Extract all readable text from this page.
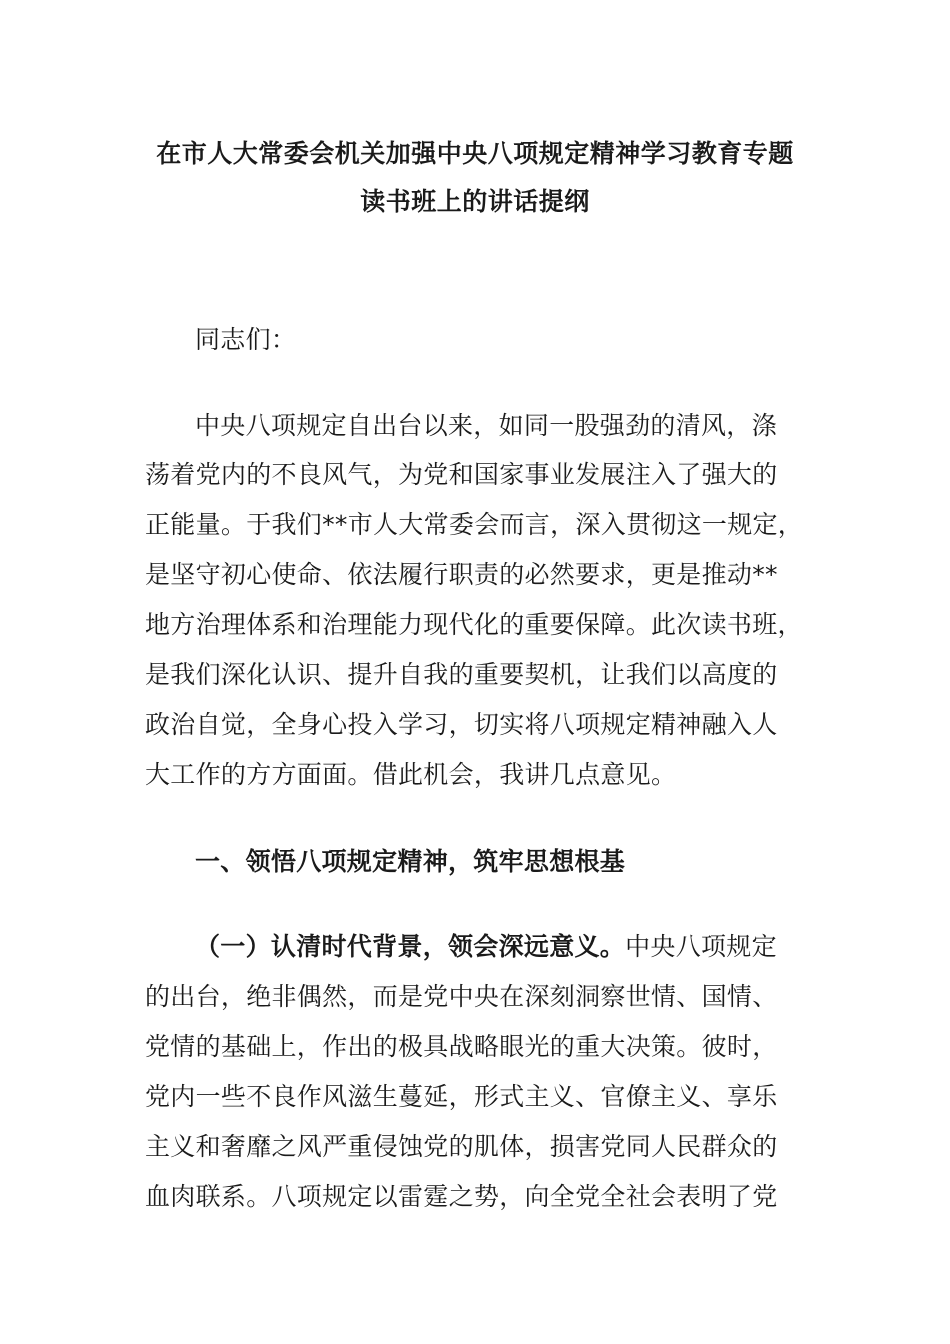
在市人大常委会机关加强中央八项规定精神学习教育专题
读书班上的讲话提纲
同志们：
中央八项规定自出台以来，如同一股强劲的清风，涤
荡着党内的不良风气，为党和国家事业发展注入了强大的
正能量。于我们**市人大常委会而言，深入贯彻这一规定，
是坚守初心使命、依法履行职责的必然要求，更是推动**
地方治理体系和治理能力现代化的重要保障。此次读书班，
是我们深化认识、提升自我的重要契机，让我们以高度的
政治自觉，全身心投入学习，切实将八项规定精神融入人
大工作的方方面面。借此机会，我讲几点意见。
一、领悟八项规定精神，筑牢思想根基
（一）认清时代背景，领会深远意义。中央八项规定
的出台，绝非偶然，而是党中央在深刻洞察世情、国情、
党情的基础上，作出的极具战略眼光的重大决策。彼时，
党内一些不良作风滋生蔓延，形式主义、官僚主义、享乐
主义和奢靡之风严重侵蚀党的肌体，损害党同人民群众的
血肉联系。八项规定以雷霆之势，向全党全社会表明了党
